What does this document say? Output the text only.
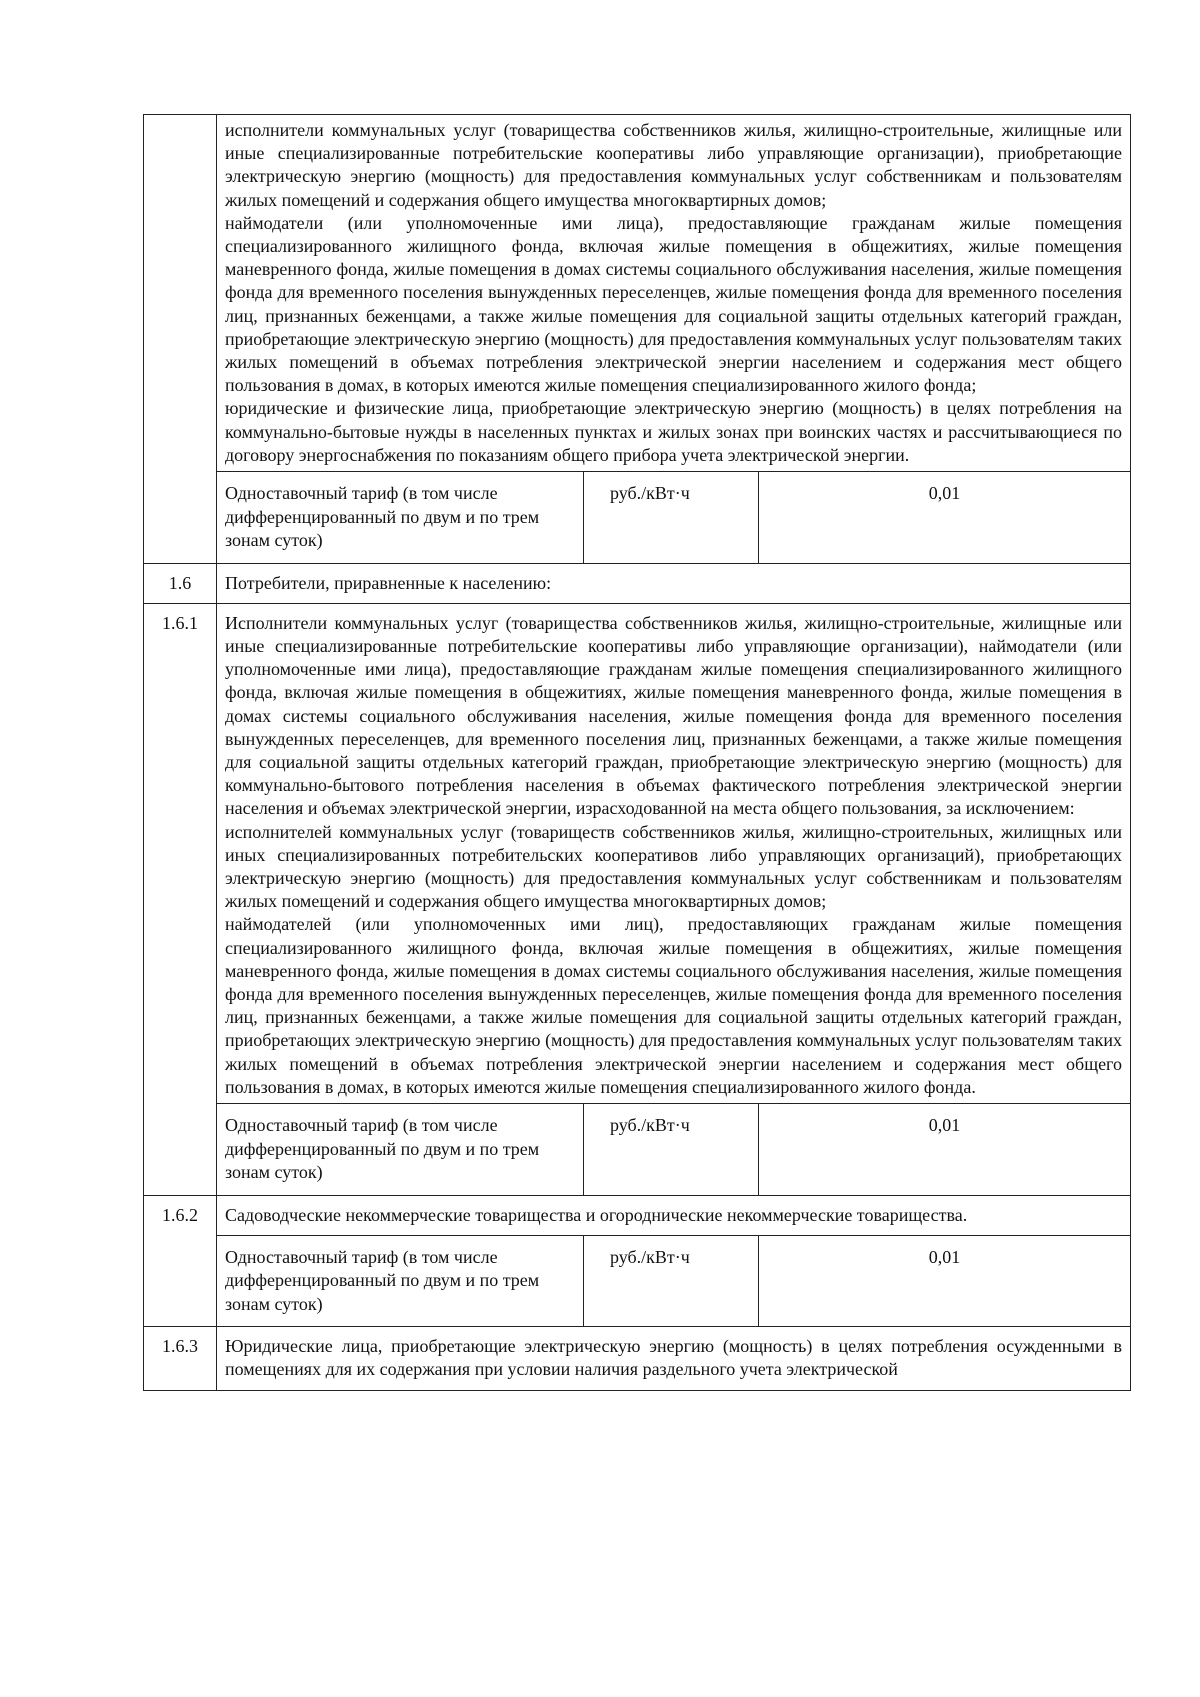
исполнители коммунальных услуг (товарищества собственников жилья, жилищно-строительные, жилищные или иные специализированные потребительские кооперативы либо управляющие организации), приобретающие электрическую энергию (мощность) для предоставления коммунальных услуг собственникам и пользователям жилых помещений и содержания общего имущества многоквартирных домов;

наймодатели (или уполномоченные ими лица), предоставляющие гражданам жилые помещения специализированного жилищного фонда, включая жилые помещения в общежитиях, жилые помещения маневренного фонда, жилые помещения в домах системы социального обслуживания населения, жилые помещения фонда для временного поселения вынужденных переселенцев, жилые помещения фонда для временного поселения лиц, признанных беженцами, а также жилые помещения для социальной защиты отдельных категорий граждан, приобретающие электрическую энергию (мощность) для предоставления коммунальных услуг пользователям таких жилых помещений в объемах потребления электрической энергии населением и содержания мест общего пользования в домах, в которых имеются жилые помещения специализированного жилого фонда;

юридические и физические лица, приобретающие электрическую энергию (мощность) в целях потребления на коммунально-бытовые нужды в населенных пунктах и жилых зонах при воинских частях и рассчитывающиеся по договору энергоснабжения по показаниям общего прибора учета электрической энергии.

Одноставочный тариф (в том числе дифференцированный по двум и по трем зонам суток)	руб./кВт·ч	0,01

1.6	Потребители, приравненные к населению:

1.6.1	Исполнители коммунальных услуг (товарищества собственников жилья, жилищно-строительные, жилищные или иные специализированные потребительские кооперативы либо управляющие организации), наймодатели (или уполномоченные ими лица), предоставляющие гражданам жилые помещения специализированного жилищного фонда, включая жилые помещения в общежитиях, жилые помещения маневренного фонда, жилые помещения в домах системы социального обслуживания населения, жилые помещения фонда для временного поселения вынужденных переселенцев, для временного поселения лиц, признанных беженцами, а также жилые помещения для социальной защиты отдельных категорий граждан, приобретающие электрическую энергию (мощность) для коммунально-бытового потребления населения в объемах фактического потребления электрической энергии населения и объемах электрической энергии, израсходованной на места общего пользования, за исключением:

исполнителей коммунальных услуг (товариществ собственников жилья, жилищно-строительных, жилищных или иных специализированных потребительских кооперативов либо управляющих организаций), приобретающих электрическую энергию (мощность) для предоставления коммунальных услуг собственникам и пользователям жилых помещений и содержания общего имущества многоквартирных домов;

наймодателей (или уполномоченных ими лиц), предоставляющих гражданам жилые помещения специализированного жилищного фонда, включая жилые помещения в общежитиях, жилые помещения маневренного фонда, жилые помещения в домах системы социального обслуживания населения, жилые помещения фонда для временного поселения вынужденных переселенцев, жилые помещения фонда для временного поселения лиц, признанных беженцами, а также жилые помещения для социальной защиты отдельных категорий граждан, приобретающих электрическую энергию (мощность) для предоставления коммунальных услуг пользователям таких жилых помещений в объемах потребления электрической энергии населением и содержания мест общего пользования в домах, в которых имеются жилые помещения специализированного жилого фонда.

Одноставочный тариф (в том числе дифференцированный по двум и по трем зонам суток)	руб./кВт·ч	0,01

1.6.2	Садоводческие некоммерческие товарищества и огороднические некоммерческие товарищества.

Одноставочный тариф (в том числе дифференцированный по двум и по трем зонам суток)	руб./кВт·ч	0,01

1.6.3	Юридические лица, приобретающие электрическую энергию (мощность) в целях потребления осужденными в помещениях для их содержания при условии наличия раздельного учета электрической
